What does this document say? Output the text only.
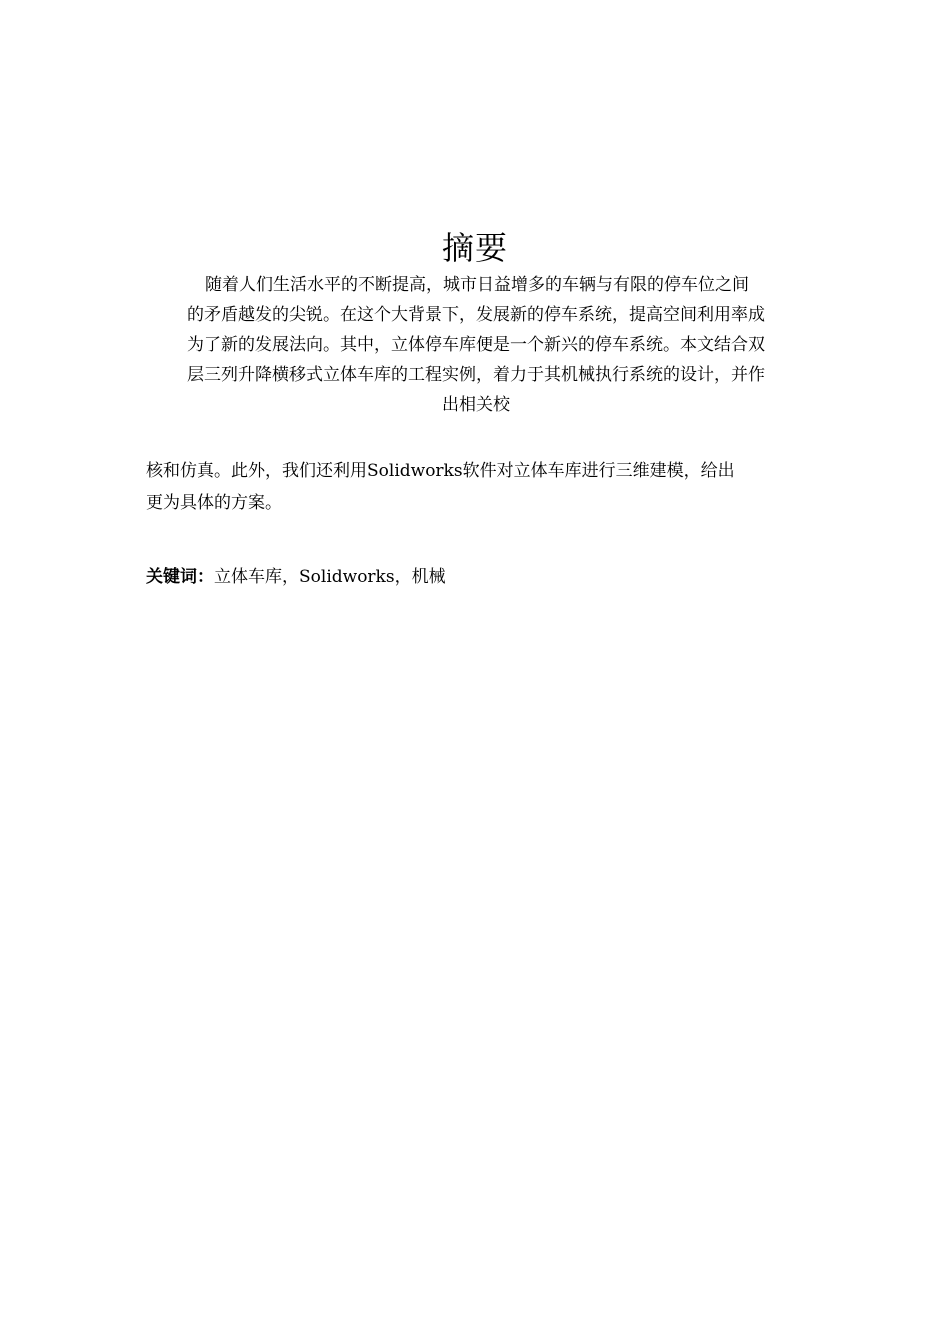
摘要
随着人们生活水平的不断提高，城市日益增多的车辆与有限的停车位之间
的矛盾越发的尖锐。在这个大背景下，发展新的停车系统，提高空间利用率成
为了新的发展法向。其中，立体停车库便是一个新兴的停车系统。本文结合双
层三列升降横移式立体车库的工程实例，着力于其机械执行系统的设计，并作
出相关校
核和仿真。此外，我们还利用Solidworks软件对立体车库进行三维建模，给出
更为具体的方案。
关键词：立体车库，Solidworks，机械
